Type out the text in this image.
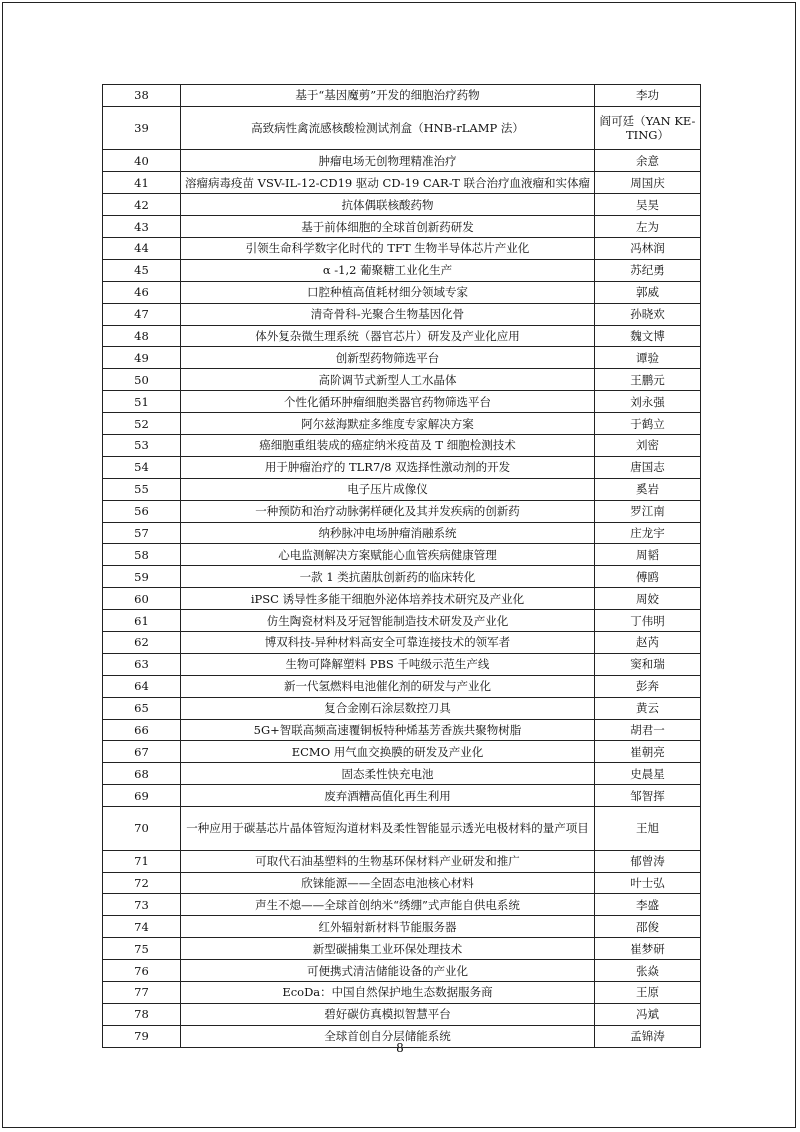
38	基于“基因魔剪”开发的细胞治疗药物	李功
39	高致病性禽流感核酸检测试剂盒（HNB-rLAMP 法）	阎可廷（YAN KE-TING）
40	肿瘤电场无创物理精准治疗	余意
41	溶瘤病毒疫苗 VSV-IL-12-CD19 驱动 CD-19 CAR-T 联合治疗血液瘤和实体瘤	周国庆
42	抗体偶联核酸药物	吴昊
43	基于前体细胞的全球首创新药研发	左为
44	引领生命科学数字化时代的 TFT 生物半导体芯片产业化	冯林润
45	α -1,2 葡聚糖工业化生产	苏纪勇
46	口腔种植高值耗材细分领域专家	郭威
47	清奇骨科-光聚合生物基因化骨	孙晓欢
48	体外复杂微生理系统（器官芯片）研发及产业化应用	魏文博
49	创新型药物筛选平台	谭验
50	高阶调节式新型人工水晶体	王鹏元
51	个性化循环肿瘤细胞类器官药物筛选平台	刘永强
52	阿尔兹海默症多维度专家解决方案	于鹤立
53	癌细胞重组装成的癌症纳米疫苗及 T 细胞检测技术	刘密
54	用于肿瘤治疗的 TLR7/8 双选择性激动剂的开发	唐国志
55	电子压片成像仪	奚岩
56	一种预防和治疗动脉粥样硬化及其并发疾病的创新药	罗江南
57	纳秒脉冲电场肿瘤消融系统	庄龙宇
58	心电监测解决方案赋能心血管疾病健康管理	周韬
59	一款 1 类抗菌肽创新药的临床转化	傅鸥
60	iPSC 诱导性多能干细胞外泌体培养技术研究及产业化	周姣
61	仿生陶瓷材料及牙冠智能制造技术研发及产业化	丁伟明
62	博双科技-异种材料高安全可靠连接技术的领军者	赵芮
63	生物可降解塑料 PBS 千吨级示范生产线	窦和瑞
64	新一代氢燃料电池催化剂的研发与产业化	彭奔
65	复合金刚石涂层数控刀具	黄云
66	5G+智联高频高速覆铜板特种烯基芳香族共聚物树脂	胡君一
67	ECMO 用气血交换膜的研发及产业化	崔朝亮
68	固态柔性快充电池	史晨星
69	废弃酒糟高值化再生利用	邹智挥
70	一种应用于碳基芯片晶体管短沟道材料及柔性智能显示透光电极材料的量产项目	王旭
71	可取代石油基塑料的生物基环保材料产业研发和推广	郁曾涛
72	欣铼能源——全固态电池核心材料	叶士弘
73	声生不熄——全球首创纳米“绣绷”式声能自供电系统	李盛
74	红外辐射新材料节能服务器	邵俊
75	新型碳捕集工业环保处理技术	崔梦研
76	可便携式清洁储能设备的产业化	张焱
77	EcoDa：中国自然保护地生态数据服务商	王原
78	碧好碳仿真模拟智慧平台	冯斌
79	全球首创自分层储能系统	孟锦涛
8
